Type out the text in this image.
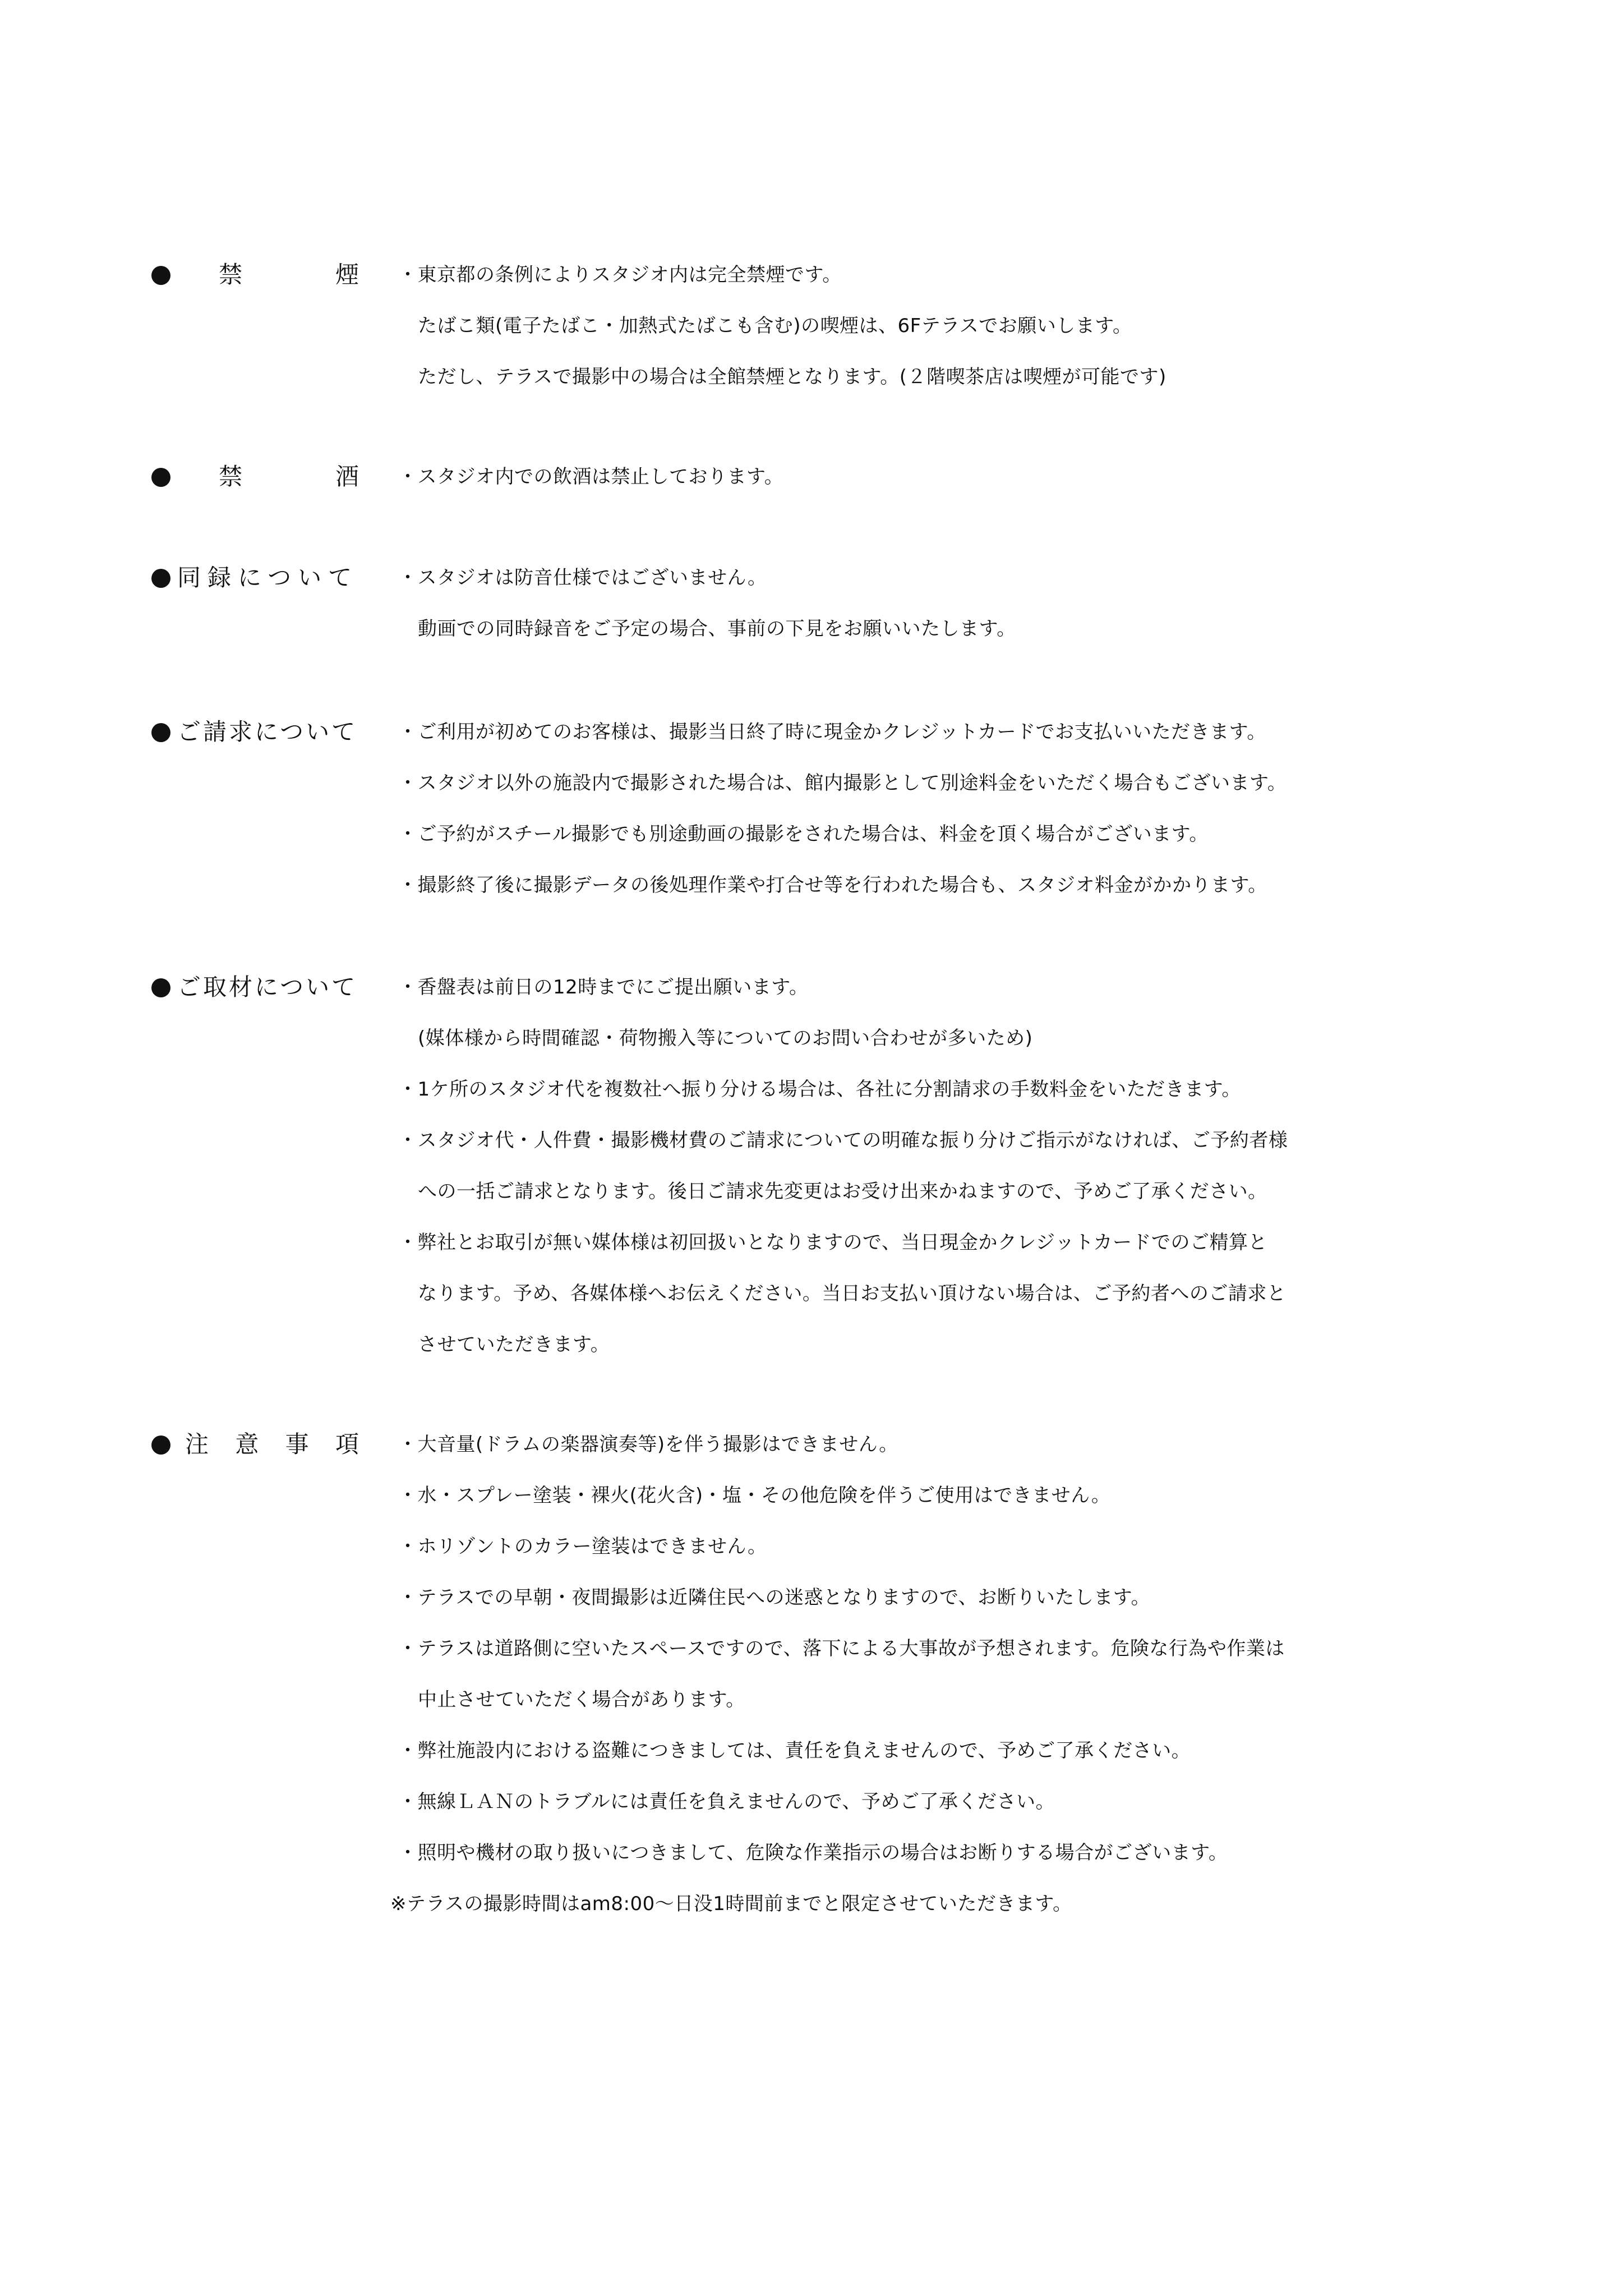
禁	煙 ・東京都の条例によりスタジオ内は完全禁煙です。
たばこ類(電子たばこ・加熱式たばこも含む)の喫煙は、6Fテラスでお願いします。
ただし、テラスで撮影中の場合は全館禁煙となります。(２階喫茶店は喫煙が可能です)
禁	酒 ・スタジオ内での飲酒は禁止しております。
同録について ・スタジオは防音仕様ではございません。
動画での同時録音をご予定の場合、事前の下見をお願いいたします。
ご請求について ・ご利用が初めてのお客様は、撮影当日終了時に現金かクレジットカードでお支払いいただきます。
・スタジオ以外の施設内で撮影された場合は、館内撮影として別途料金をいただく場合もございます。
・ご予約がスチール撮影でも別途動画の撮影をされた場合は、料金を頂く場合がございます。
・撮影終了後に撮影データの後処理作業や打合せ等を行われた場合も、スタジオ料金がかかります。
ご取材について ・香盤表は前日の12時までにご提出願います。
(媒体様から時間確認・荷物搬入等についてのお問い合わせが多いため)
・1ケ所のスタジオ代を複数社へ振り分ける場合は、各社に分割請求の手数料金をいただきます。
・スタジオ代・人件費・撮影機材費のご請求についての明確な振り分けご指示がなければ、ご予約者様
への一括ご請求となります。後日ご請求先変更はお受け出来かねますので、予めご了承ください。
・弊社とお取引が無い媒体様は初回扱いとなりますので、当日現金かクレジットカードでのご精算と
なります。予め、各媒体様へお伝えください。当日お支払い頂けない場合は、ご予約者へのご請求と
させていただきます。
注 意 事 項 ・大音量(ドラムの楽器演奏等)を伴う撮影はできません。
・水・スプレー塗装・裸火(花火含)・塩・その他危険を伴うご使用はできません。
・ホリゾントのカラー塗装はできません。
・テラスでの早朝・夜間撮影は近隣住民への迷惑となりますので、お断りいたします。
・テラスは道路側に空いたスペースですので、落下による大事故が予想されます。危険な行為や作業は
中止させていただく場合があります。
・弊社施設内における盗難につきましては、責任を負えませんので、予めご了承ください。
・無線ＬＡＮのトラブルには責任を負えませんので、予めご了承ください。
・照明や機材の取り扱いにつきまして、危険な作業指示の場合はお断りする場合がございます。
※テラスの撮影時間はam8:00～日没1時間前までと限定させていただきます。
